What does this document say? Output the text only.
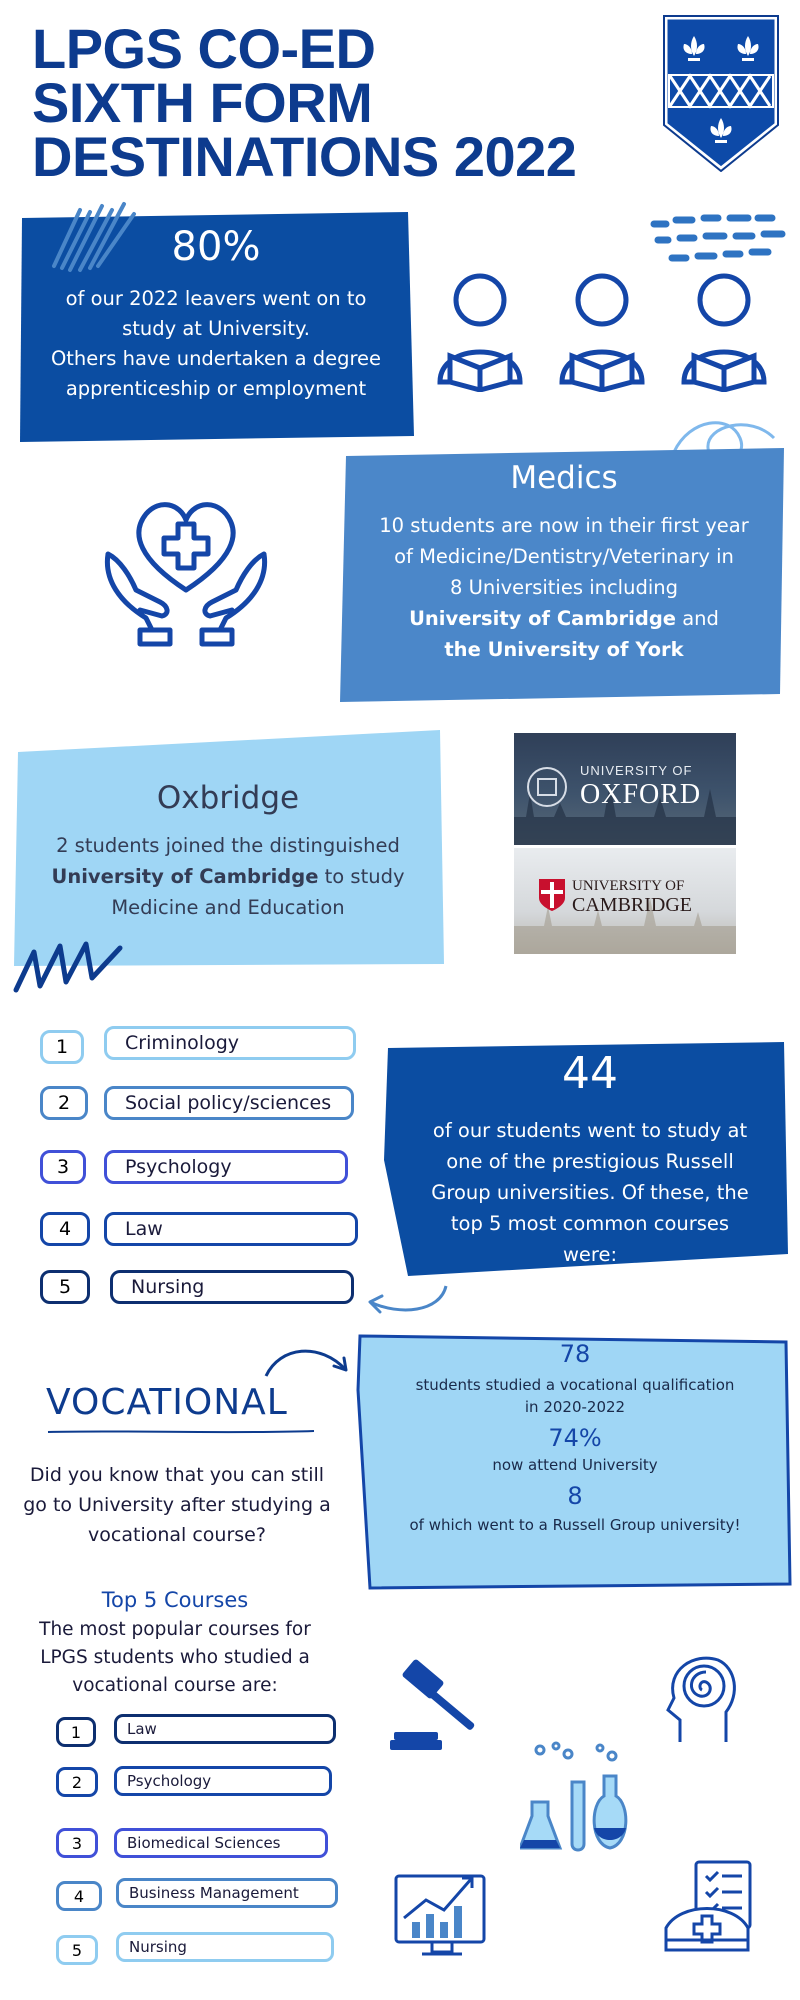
LPGS CO-ED
SIXTH FORM
DESTINATIONS 2022
80%
of our 2022 leavers went on to
study at University.
Others have undertaken a degree
apprenticeship or employment
Medics
10 students are now in their first year
of Medicine/Dentistry/Veterinary in
8 Universities including
University of Cambridge and
the University of York
Oxbridge
2 students joined the distinguished
University of Cambridge to study
Medicine and Education
UNIVERSITY OF
OXFORD
UNIVERSITY OF
CAMBRIDGE
1	Criminology
2	Social policy/sciences
3	Psychology
4	Law
5	Nursing
44
of our students went to study at
one of the prestigious Russell
Group universities. Of these, the
top 5 most common courses
were:
VOCATIONAL
Did you know that you can still
go to University after studying a
vocational course?
78
students studied a vocational qualification
in 2020-2022
74%
now attend University
8
of which went to a Russell Group university!
Top 5 Courses
The most popular courses for
LPGS students who studied a
vocational course are:
1	Law
2	Psychology
3	Biomedical Sciences
4	Business Management
5	Nursing
